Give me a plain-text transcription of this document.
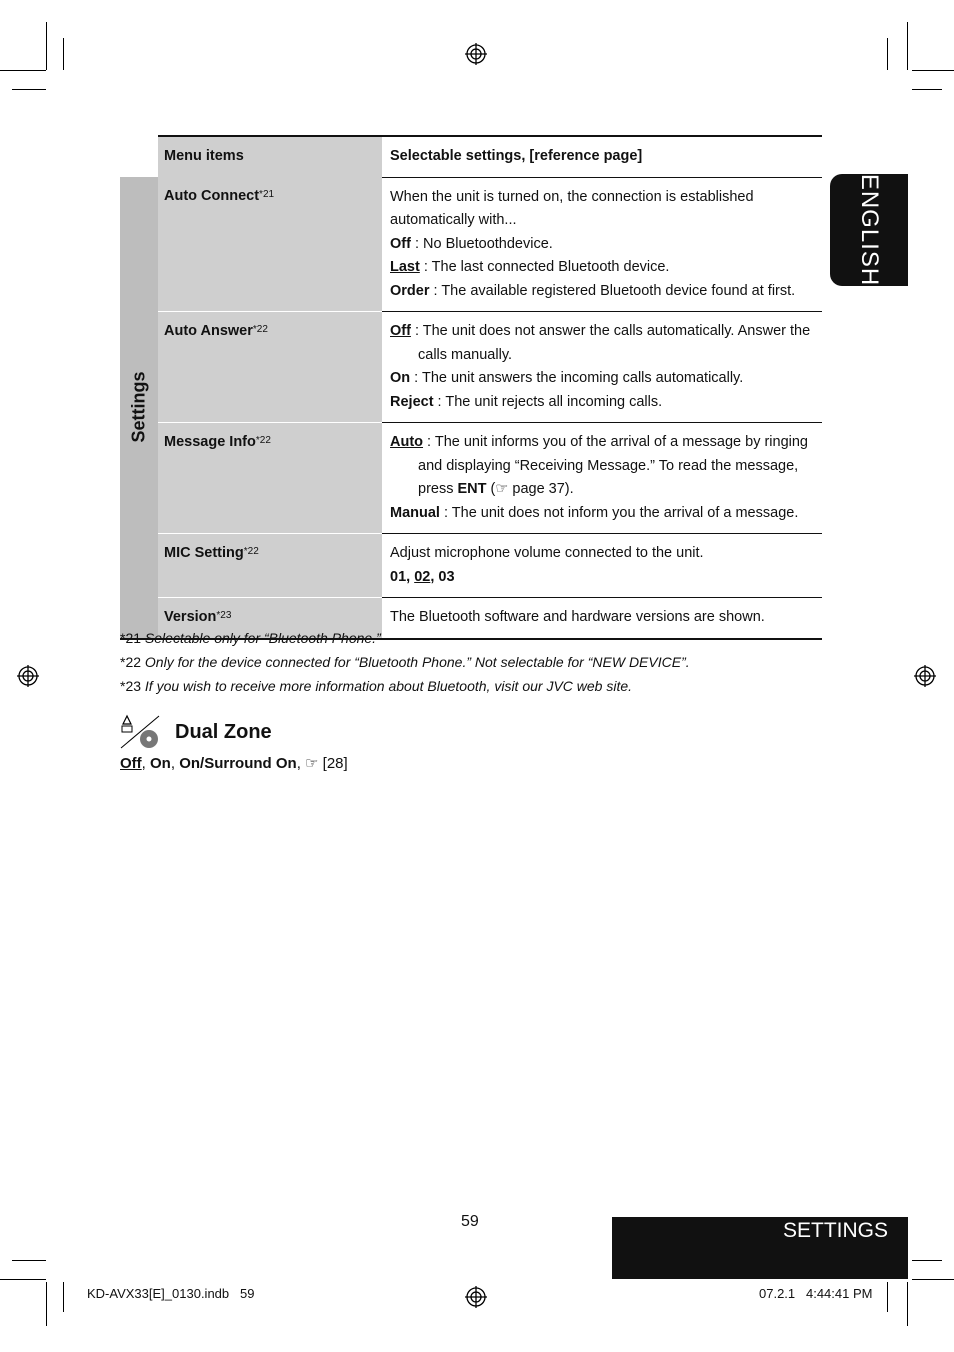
ENGLISH
	Menu items	Selectable settings, [reference page]

Settings	Auto Connect$^{*21}$	When the unit is turned on, the connection is established automatically with...
Off : No Bluetoothdevice.
Last : The last connected Bluetooth device.
Order : The available registered Bluetooth device found at first.

	Auto Answer$^{*22}$	Off : The unit does not answer the calls automatically. Answer the calls manually.
On : The unit answers the incoming calls automatically.
Reject : The unit rejects all incoming calls.

	Message Info$^{*22}$	Auto : The unit informs you of the arrival of a message by ringing and displaying “Receiving Message.” To read the message, press ENT (☞ page 37).
Manual : The unit does not inform you the arrival of a message.

	MIC Setting$^{*22}$	Adjust microphone volume connected to the unit.
01, 02, 03

	Version$^{*23}$	The Bluetooth software and hardware versions are shown.
*21 Selectable only for “Bluetooth Phone.”
*22 Only for the device connected for “Bluetooth Phone.” Not selectable for “NEW DEVICE”.
*23 If you wish to receive more information about Bluetooth, visit our JVC web site.
Dual Zone
Off, On, On/Surround On, ☞ [28]
59	SETTINGS
KD-AVX33[E]_0130.indb   59	07.2.1   4:44:41 PM
